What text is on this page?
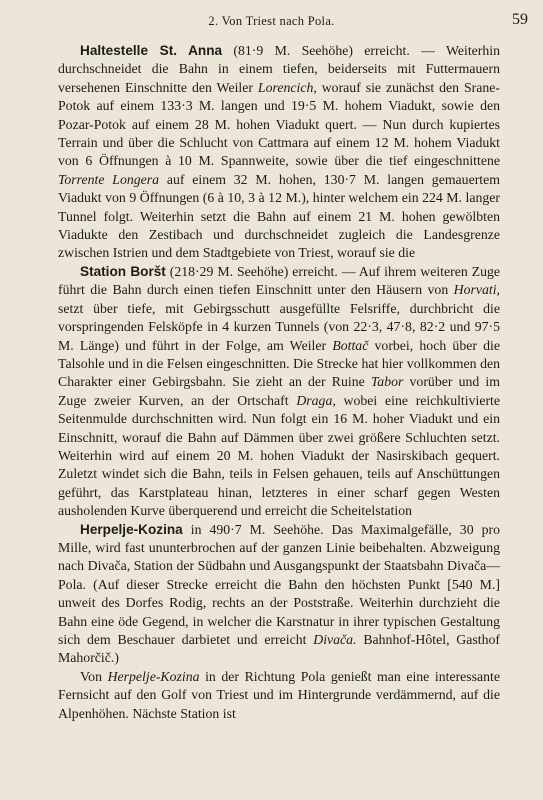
2. Von Triest nach Pola.	59

Haltestelle St. Anna (81·9 M. Seehöhe) erreicht. — Weiterhin durchschneidet die Bahn in einem tiefen, beiderseits mit Futtermauern versehenen Einschnitte den Weiler Lorencich, worauf sie zunächst den Srane-Potok auf einem 133·3 M. langen und 19·5 M. hohem Viadukt, sowie den Pozar-Potok auf einem 28 M. hohen Viadukt quert. — Nun durch kupiertes Terrain und über die Schlucht von Cattmara auf einem 12 M. hohem Viadukt von 6 Öffnungen à 10 M. Spannweite, sowie über die tief eingeschnittene Torrente Longera auf einem 32 M. hohen, 130·7 M. langen gemauertem Viadukt von 9 Öffnungen (6 à 10, 3 à 12 M.), hinter welchem ein 224 M. langer Tunnel folgt. Weiterhin setzt die Bahn auf einem 21 M. hohen gewölbten Viadukte den Zestibach und durchschneidet zugleich die Landesgrenze zwischen Istrien und dem Stadtgebiete von Triest, worauf sie die

Station Boršt (218·29 M. Seehöhe) erreicht. — Auf ihrem weiteren Zuge führt die Bahn durch einen tiefen Einschnitt unter den Häusern von Horvati, setzt über tiefe, mit Gebirgsschutt ausgefüllte Felsriffe, durchbricht die vorspringenden Felsköpfe in 4 kurzen Tunnels (von 22·3, 47·8, 82·2 und 97·5 M. Länge) und führt in der Folge, am Weiler Bottač vorbei, hoch über die Talsohle und in die Felsen eingeschnitten. Die Strecke hat hier vollkommen den Charakter einer Gebirgsbahn. Sie zieht an der Ruine Tabor vorüber und im Zuge zweier Kurven, an der Ortschaft Draga, wobei eine reichkultivierte Seitenmulde durchschnitten wird. Nun folgt ein 16 M. hoher Viadukt und ein Einschnitt, worauf die Bahn auf Dämmen über zwei größere Schluchten setzt. Weiterhin wird auf einem 20 M. hohen Viadukt der Nasirskibach gequert. Zuletzt windet sich die Bahn, teils in Felsen gehauen, teils auf Anschüttungen geführt, das Karstplateau hinan, letzteres in einer scharf gegen Westen ausholenden Kurve überquerend und erreicht die Scheitelstation

Herpelje-Kozina in 490·7 M. Seehöhe. Das Maximalgefälle, 30 pro Mille, wird fast ununterbrochen auf der ganzen Linie beibehalten. Abzweigung nach Divača, Station der Südbahn und Ausgangspunkt der Staatsbahn Divača—Pola. (Auf dieser Strecke erreicht die Bahn den höchsten Punkt [540 M.] unweit des Dorfes Rodig, rechts an der Poststraße. Weiterhin durchzieht die Bahn eine öde Gegend, in welcher die Karstnatur in ihrer typischen Gestaltung sich dem Beschauer darbietet und erreicht Divača. Bahnhof-Hôtel, Gasthof Mahorčič.)

Von Herpelje-Kozina in der Richtung Pola genießt man eine interessante Fernsicht auf den Golf von Triest und im Hintergrunde verdämmernd, auf die Alpenhöhen. Nächste Station ist
